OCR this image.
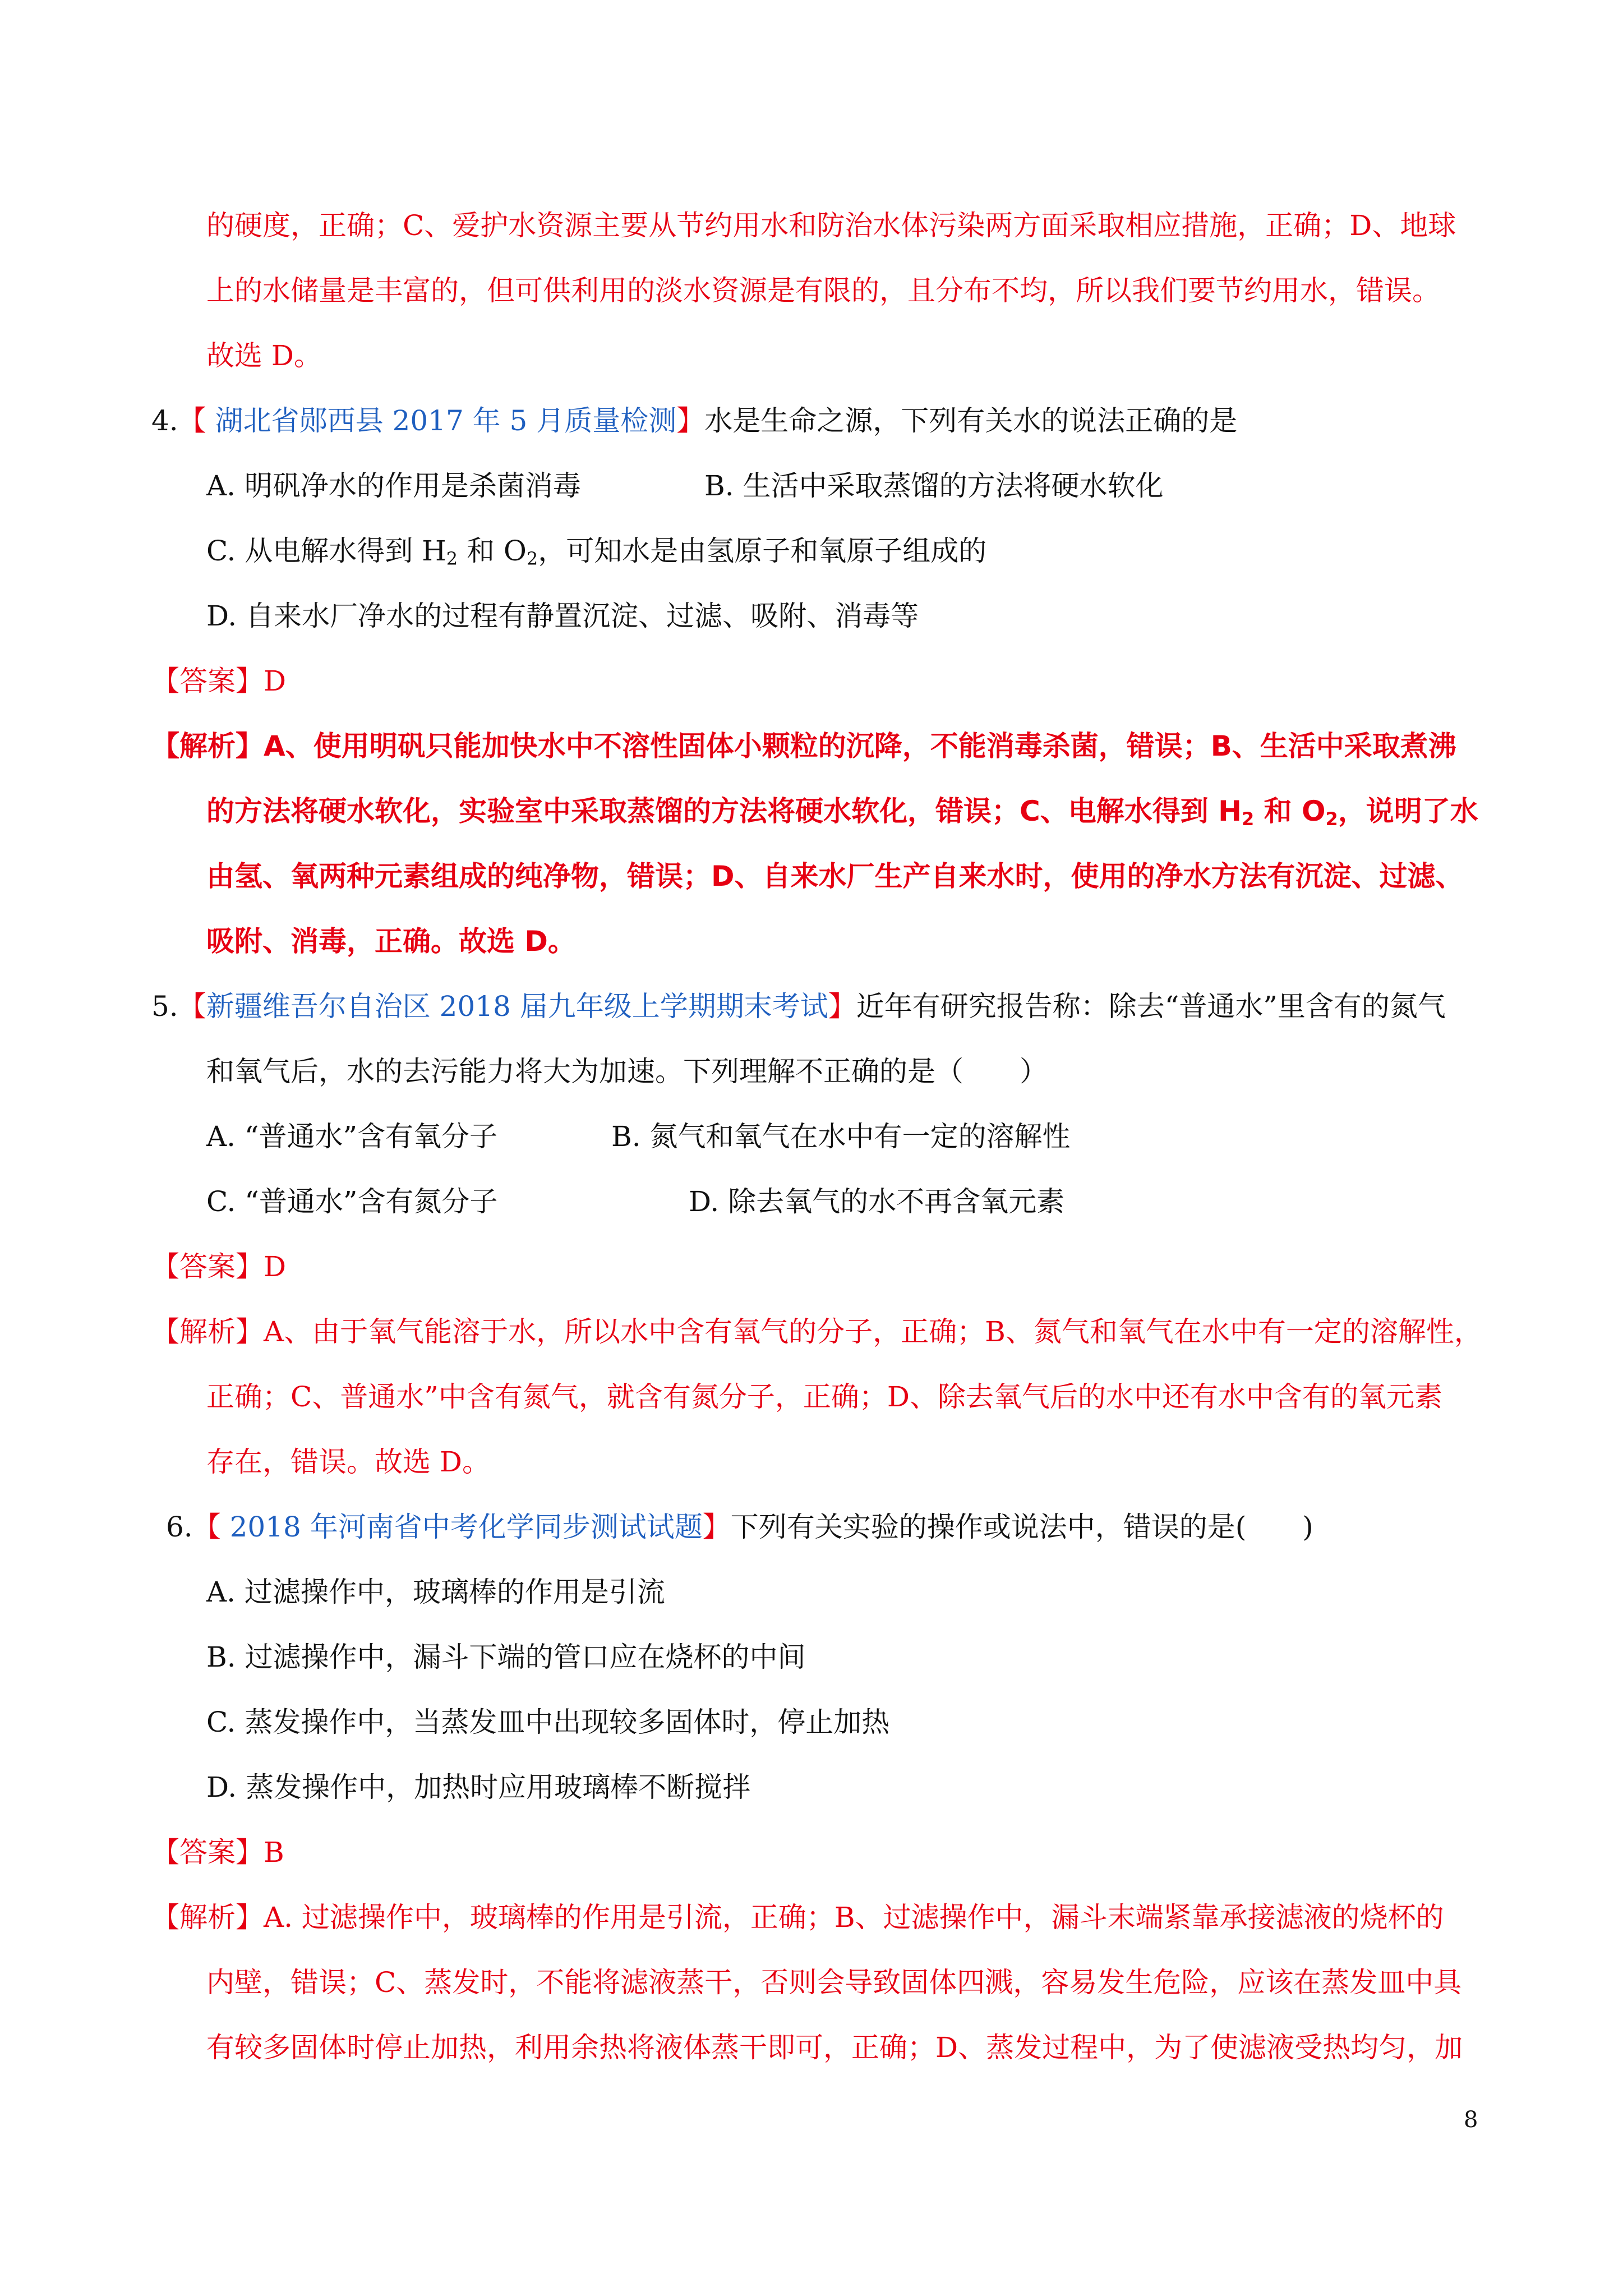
的硬度，正确；C、爱护水资源主要从节约用水和防治水体污染两方面采取相应措施，正确；D、地球
上的水储量是丰富的，但可供利用的淡水资源是有限的，且分布不均，所以我们要节约用水，错误。
故选 D。
4.【 湖北省郧西县 2017 年 5 月质量检测】水是生命之源，下列有关水的说法正确的是
A. 明矾净水的作用是杀菌消毒	B. 生活中采取蒸馏的方法将硬水软化
C. 从电解水得到 $H_2$ 和 $O_2$，可知水是由氢原子和氧原子组成的
D. 自来水厂净水的过程有静置沉淀、过滤、吸附、消毒等
【答案】D
【解析】A、使用明矾只能加快水中不溶性固体小颗粒的沉降，不能消毒杀菌，错误；B、生活中采取煮沸
的方法将硬水软化，实验室中采取蒸馏的方法将硬水软化，错误；C、电解水得到 $H_2$ 和 $O_2$，说明了水
由氢、氧两种元素组成的纯净物，错误；D、自来水厂生产自来水时，使用的净水方法有沉淀、过滤、
吸附、消毒，正确。故选 D。
5.【新疆维吾尔自治区 2018 届九年级上学期期末考试】近年有研究报告称：除去“普通水”里含有的氮气
和氧气后，水的去污能力将大为加速。下列理解不正确的是（　　）
A. “普通水”含有氧分子	B. 氮气和氧气在水中有一定的溶解性
C. “普通水”含有氮分子	D. 除去氧气的水不再含氧元素
【答案】D
【解析】A、由于氧气能溶于水，所以水中含有氧气的分子，正确；B、氮气和氧气在水中有一定的溶解性，
正确；C、普通水”中含有氮气，就含有氮分子，正确；D、除去氧气后的水中还有水中含有的氧元素
存在，错误。故选 D。
6.【 2018 年河南省中考化学同步测试试题】下列有关实验的操作或说法中，错误的是(　　)
A. 过滤操作中，玻璃棒的作用是引流
B. 过滤操作中，漏斗下端的管口应在烧杯的中间
C. 蒸发操作中，当蒸发皿中出现较多固体时，停止加热
D. 蒸发操作中，加热时应用玻璃棒不断搅拌
【答案】B
【解析】A. 过滤操作中，玻璃棒的作用是引流，正确；B、过滤操作中，漏斗末端紧靠承接滤液的烧杯的
内壁，错误；C、蒸发时，不能将滤液蒸干，否则会导致固体四溅，容易发生危险，应该在蒸发皿中具
有较多固体时停止加热，利用余热将液体蒸干即可，正确；D、蒸发过程中，为了使滤液受热均匀，加
8
